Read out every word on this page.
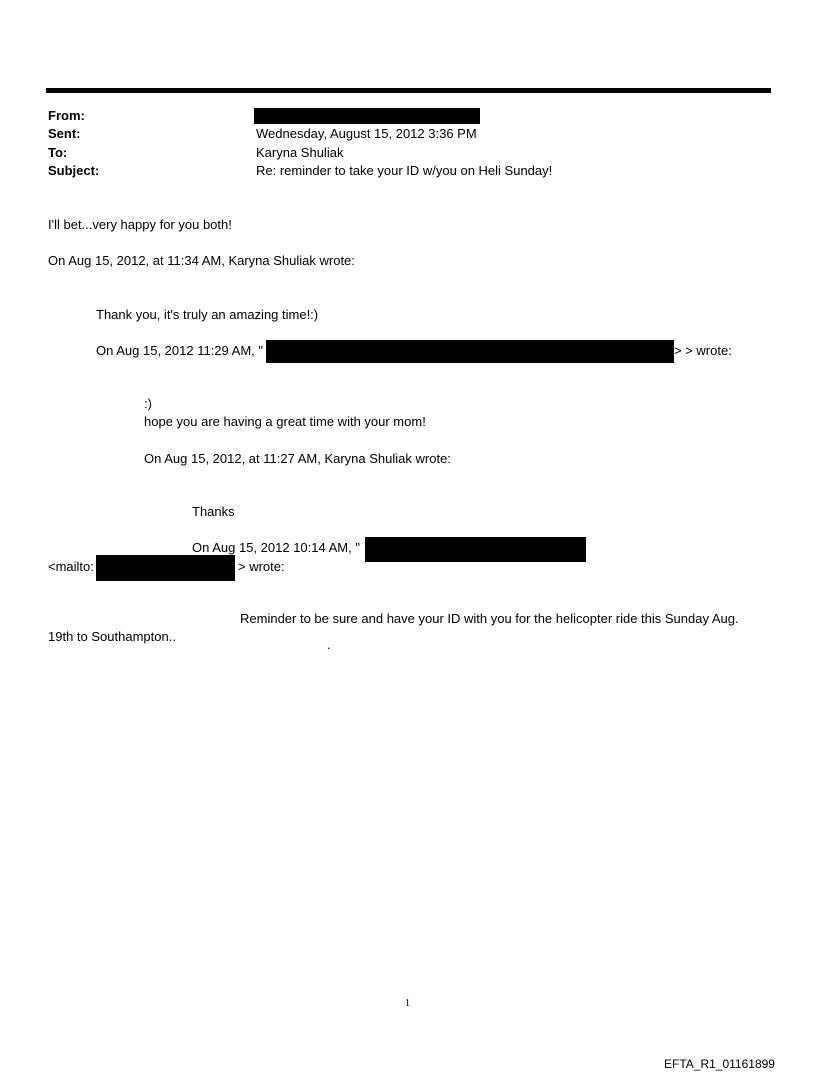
From:
Sent:	Wednesday, August 15, 2012 3:36 PM
To:	Karyna Shuliak
Subject:	Re: reminder to take your ID w/you on Heli Sunday!
I'll bet...very happy for you both!
On Aug 15, 2012, at 11:34 AM, Karyna Shuliak wrote:
Thank you, it's truly an amazing time!:)
On Aug 15, 2012 11:29 AM, "	> > wrote:
:)
hope you are having a great time with your mom!
On Aug 15, 2012, at 11:27 AM, Karyna Shuliak wrote:
Thanks
On Aug 15, 2012 10:14 AM, "
<mailto:	> wrote:
Reminder to be sure and have your ID with you for the helicopter ride this Sunday Aug.
19th to Southampton..
.
1
EFTA_R1_01161899
